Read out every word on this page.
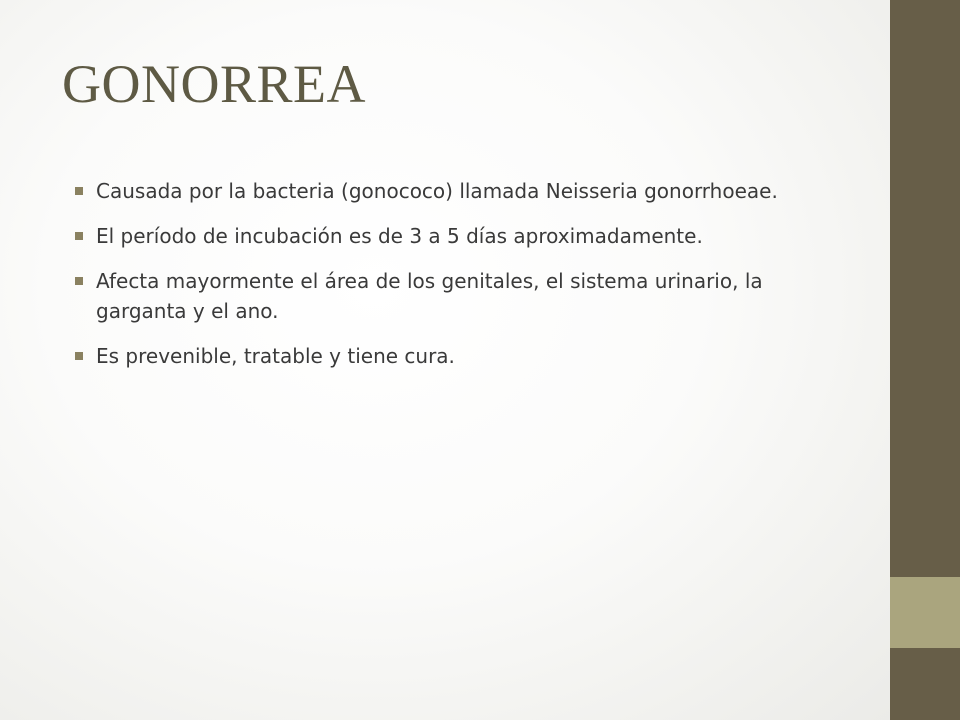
GONORREA
Causada por la bacteria (gonococo) llamada Neisseria gonorrhoeae.
El período de incubación es de 3 a 5 días aproximadamente.
Afecta mayormente el área de los genitales, el sistema urinario, la garganta y el ano.
Es prevenible, tratable y tiene cura.
